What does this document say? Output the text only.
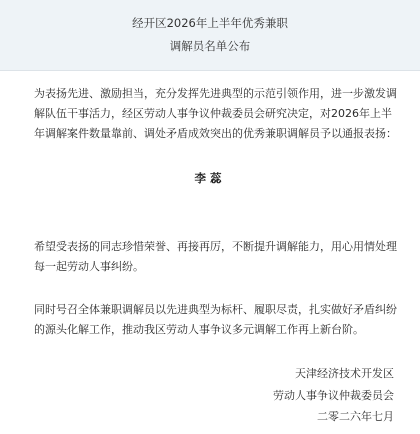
经开区2026年上半年优秀兼职
调解员名单公布
为表扬先进、激励担当，充分发挥先进典型的示范引领作用，进一步激发调
解队伍干事活力，经区劳动人事争议仲裁委员会研究决定，对2026年上半
年调解案件数量靠前、调处矛盾成效突出的优秀兼职调解员予以通报表扬：
李蕊
希望受表扬的同志珍惜荣誉、再接再厉，不断提升调解能力，用心用情处理
每一起劳动人事纠纷。
同时号召全体兼职调解员以先进典型为标杆、履职尽责，扎实做好矛盾纠纷
的源头化解工作，推动我区劳动人事争议多元调解工作再上新台阶。
天津经济技术开发区
劳动人事争议仲裁委员会
二零二六年七月
